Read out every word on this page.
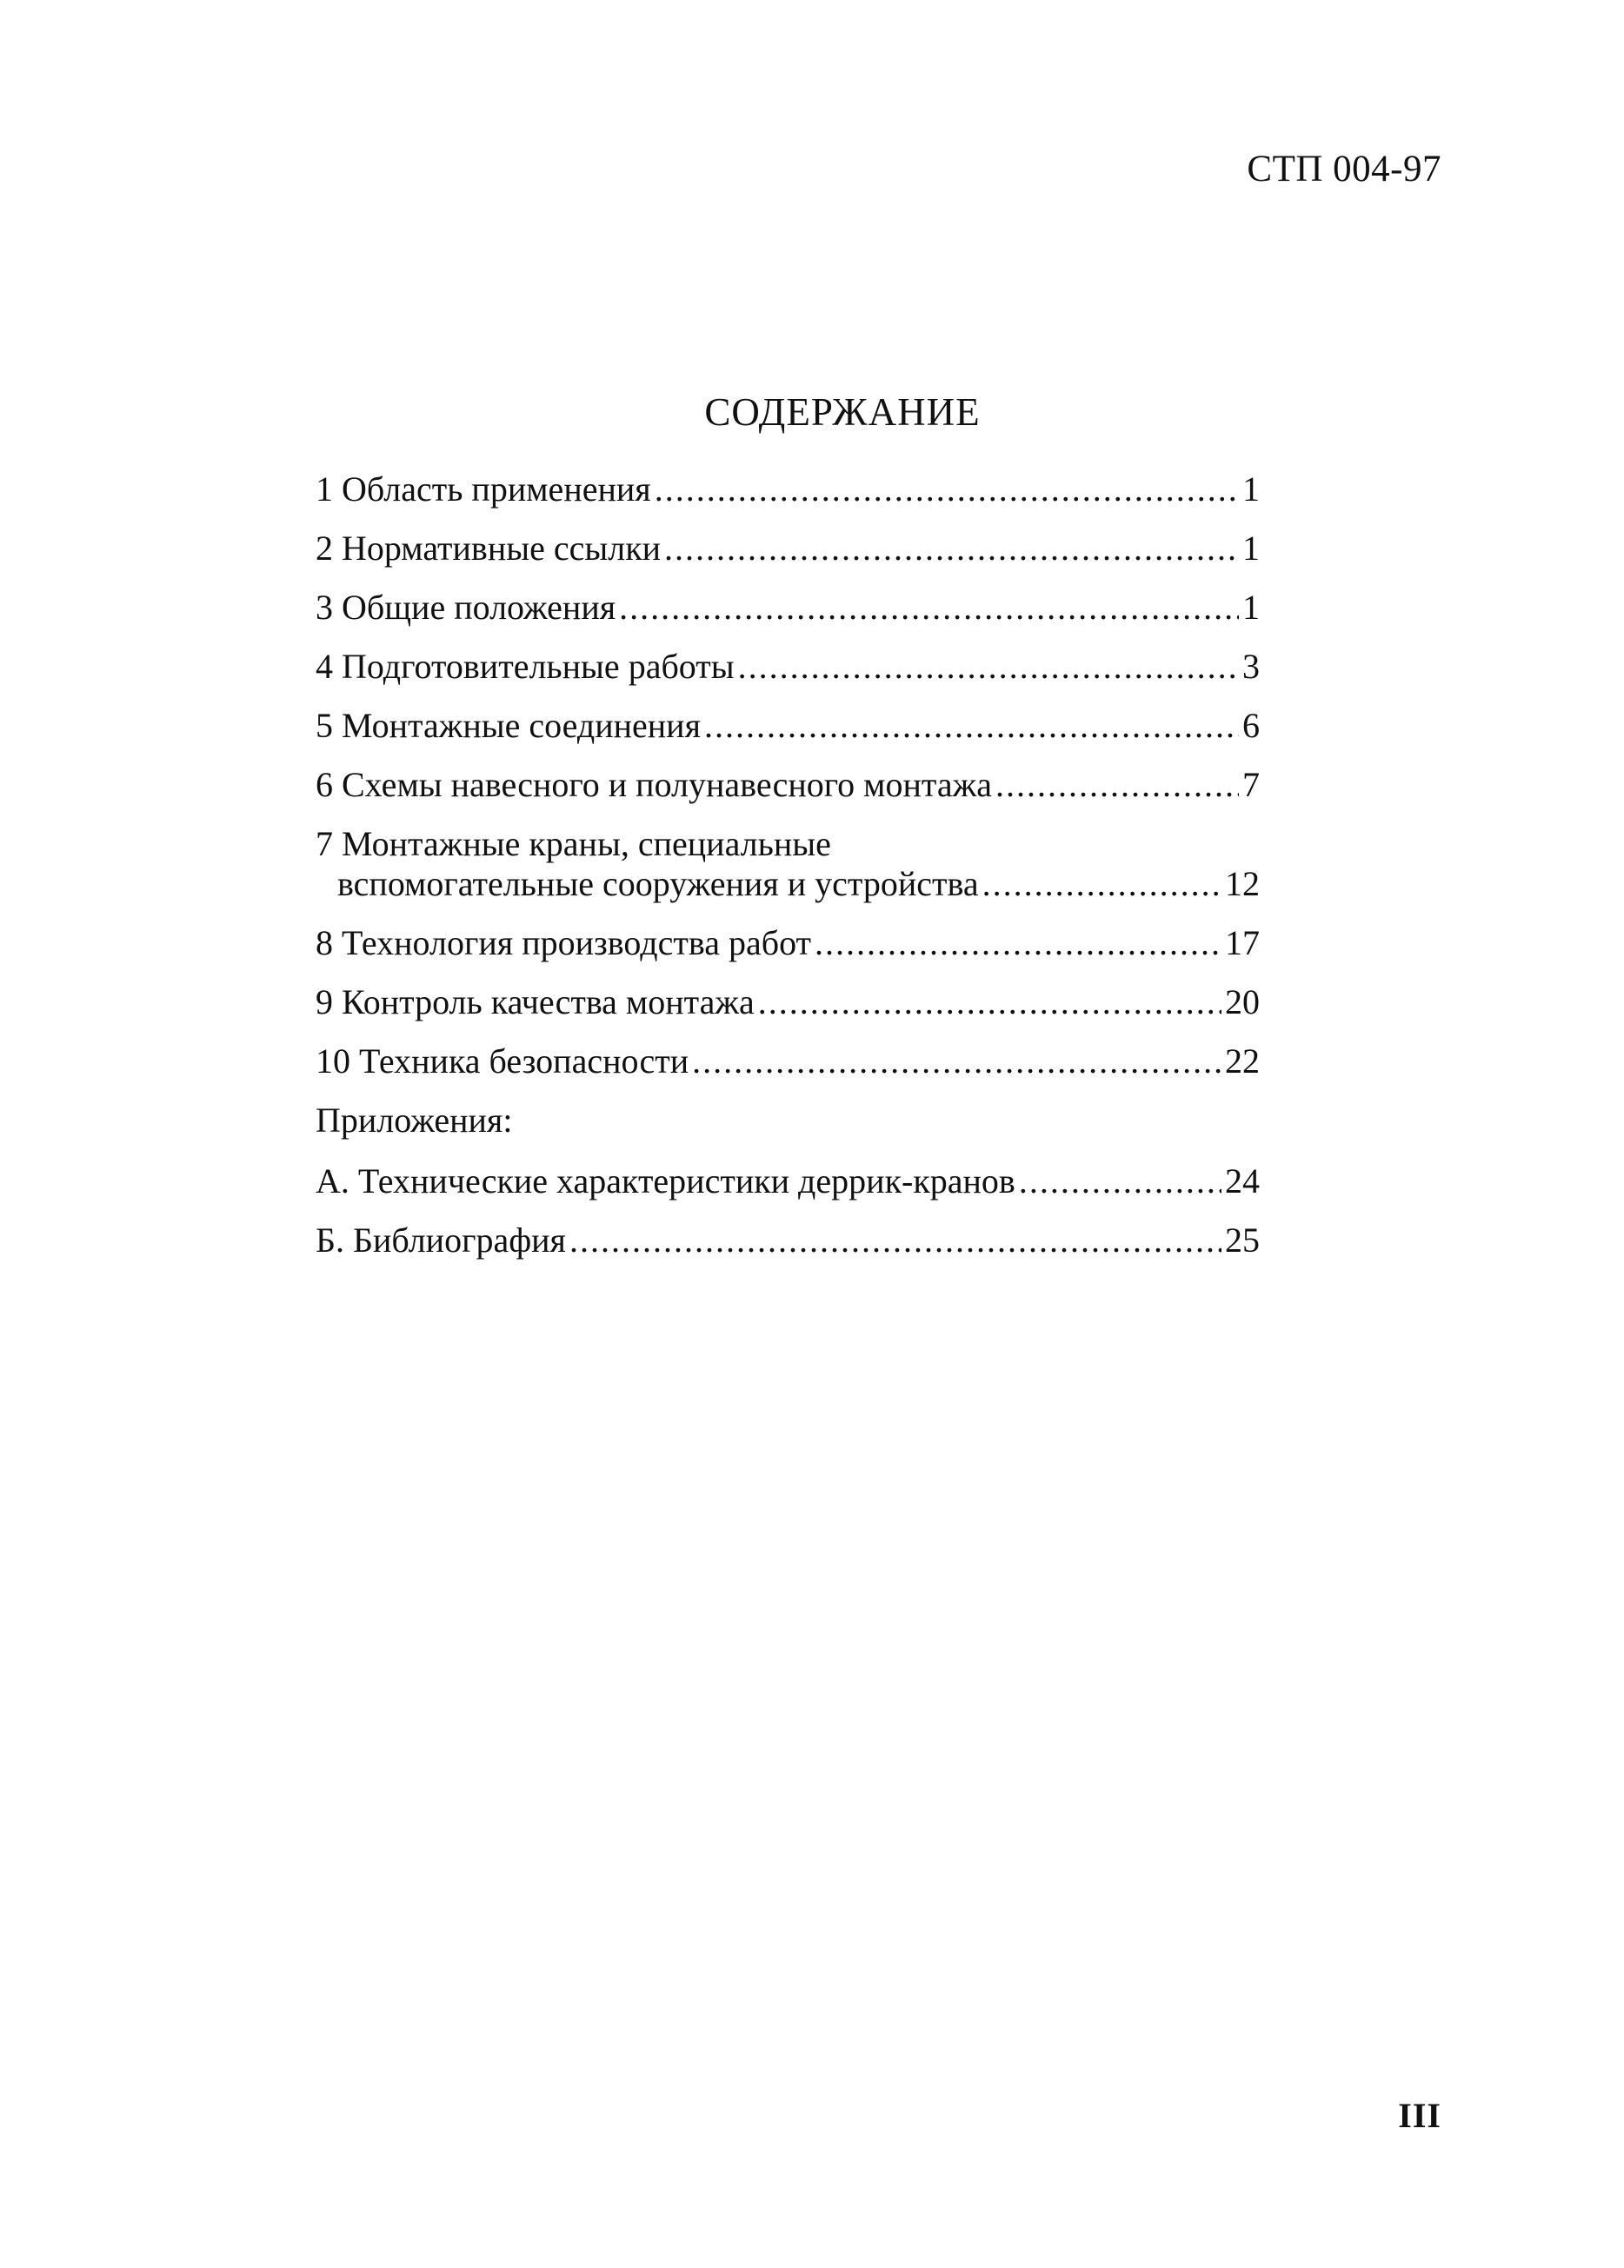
СТП 004-97
СОДЕРЖАНИЕ
1 Область применения .....	1
2 Нормативные ссылки .....	1
3 Общие положения .....	1
4 Подготовительные работы .....	3
5 Монтажные соединения .....	6
6 Схемы навесного и полунавесного монтажа .....	7
7 Монтажные краны, специальные
вспомогательные сооружения и устройства .....	12
8 Технология производства работ .....	17
9 Контроль качества монтажа .....	20
10 Техника безопасности .....	22
Приложения:
А. Технические характеристики деррик-кранов .....	24
Б. Библиография .....	25
III
